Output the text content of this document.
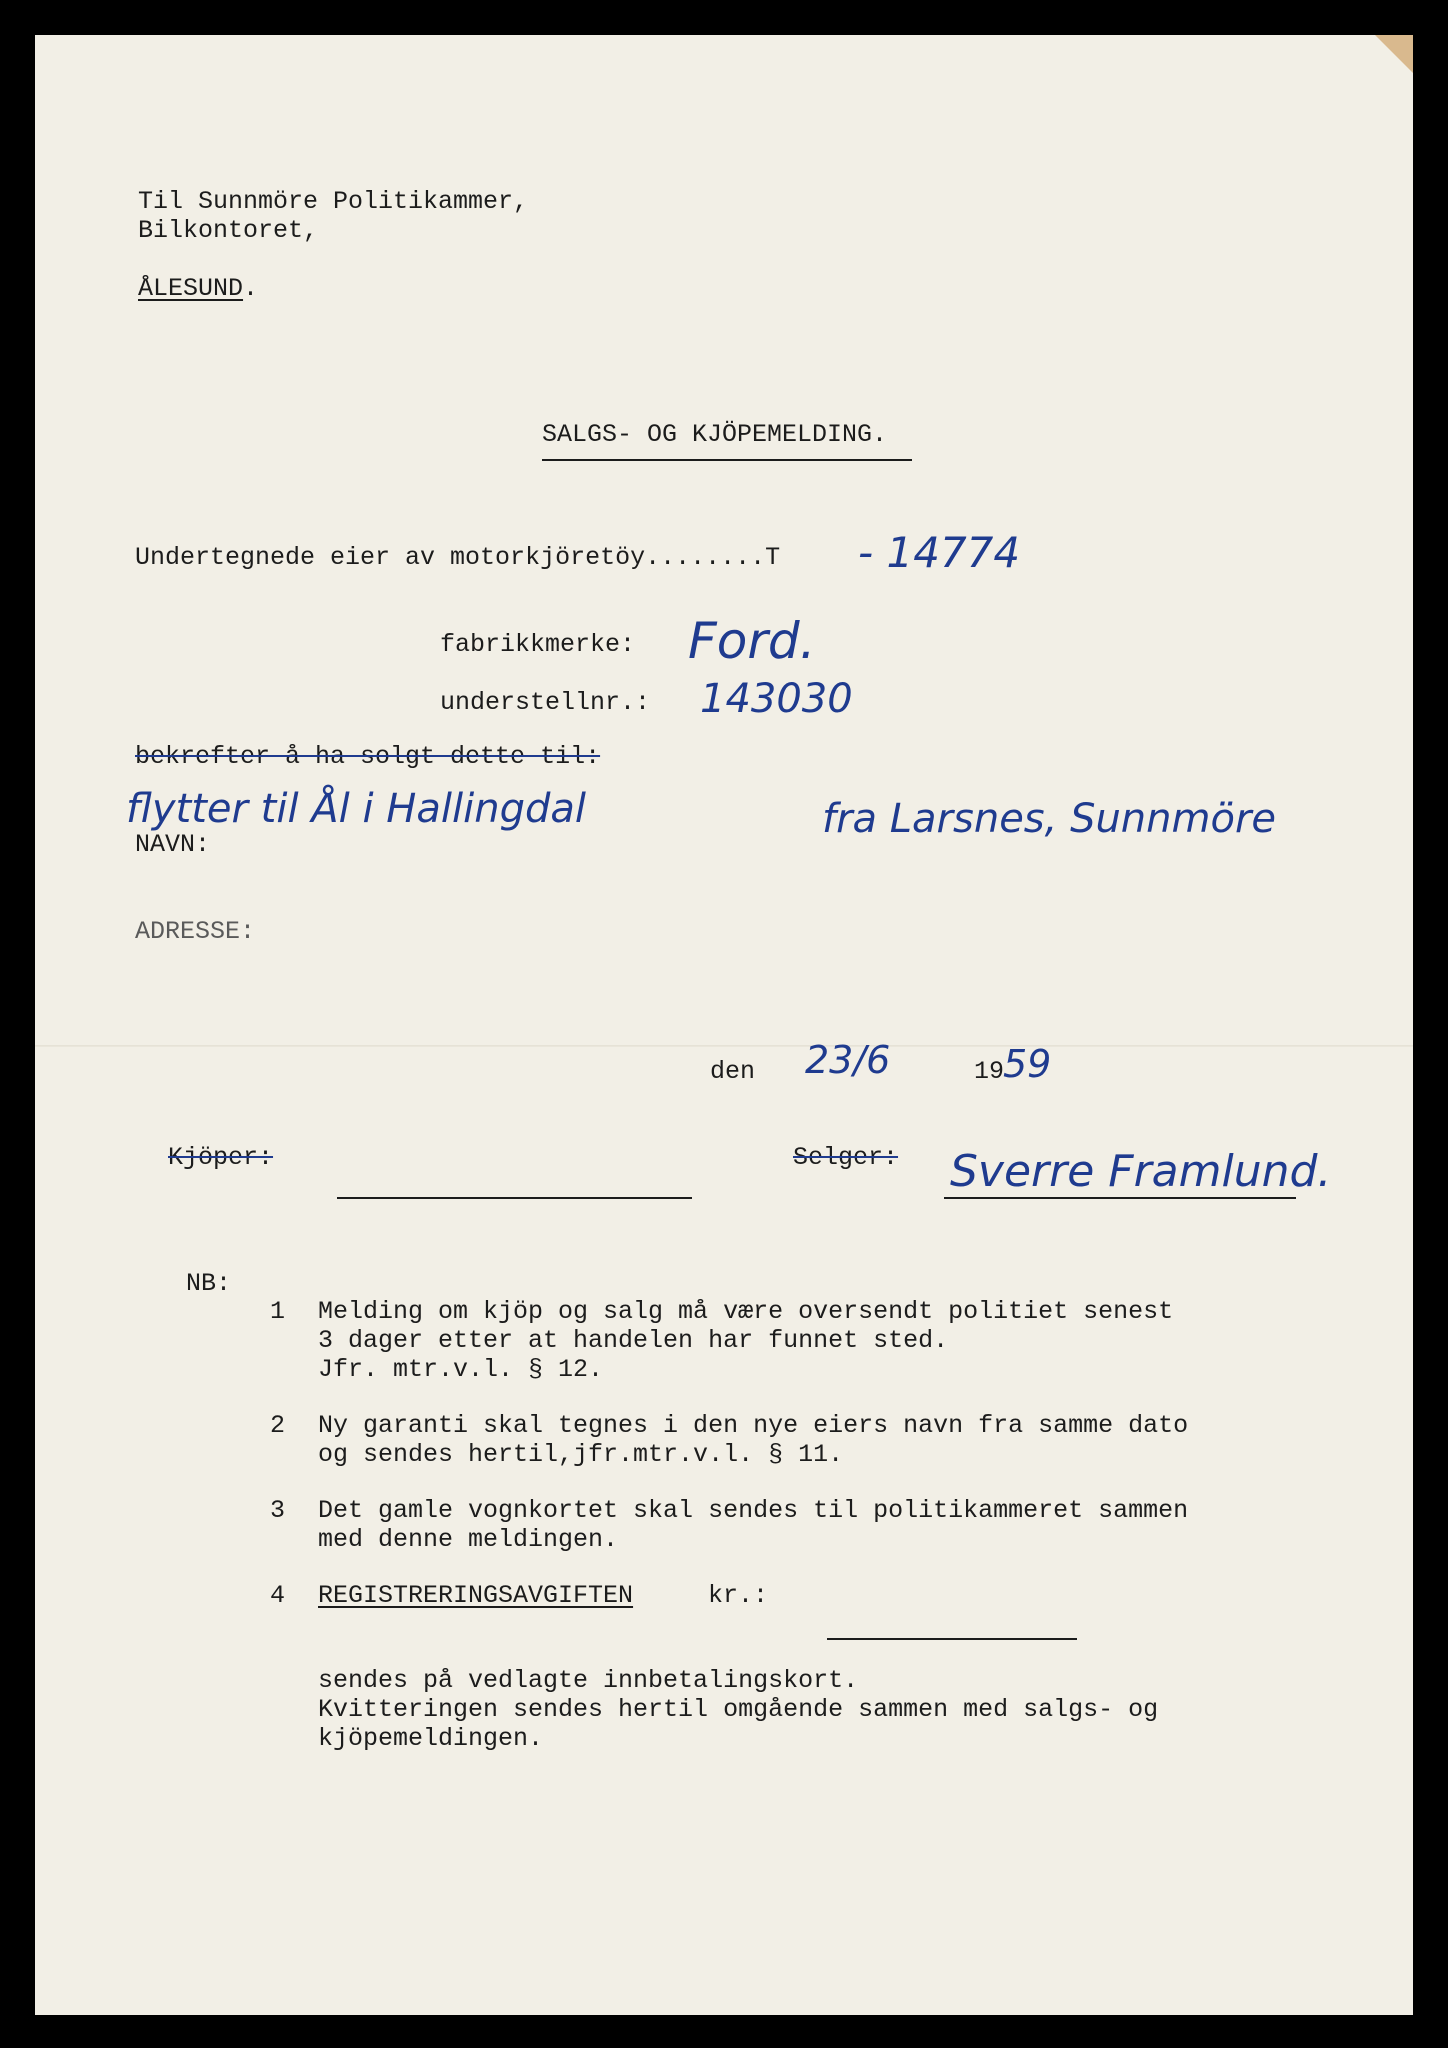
Til Sunnmöre Politikammer,
Bilkontoret,
ÅLESUND.
SALGS- OG KJÖPEMELDING.
Undertegnede eier av motorkjöretöy........T - 14774
fabrikkmerke: Ford.
understellnr.: 143030
bekrefter å ha solgt dette til:
flytter til Ål i Hallingdal	fra Larsnes, Sunnmöre
NAVN:
ADRESSE:
den 23/6	19
59
Kjöper:	Selger: Sverre Framlund.
NB:
1 Melding om kjöp og salg må være oversendt politiet senest
3 dager etter at handelen har funnet sted.
Jfr. mtr.v.l. § 12.
2 Ny garanti skal tegnes i den nye eiers navn fra samme dato
og sendes hertil,jfr.mtr.v.l. § 11.
3 Det gamle vognkortet skal sendes til politikammeret sammen
med denne meldingen.
4 REGISTRERINGSAVGIFTEN	kr.:
sendes på vedlagte innbetalingskort.
Kvitteringen sendes hertil omgående sammen med salgs- og
kjöpemeldingen.
